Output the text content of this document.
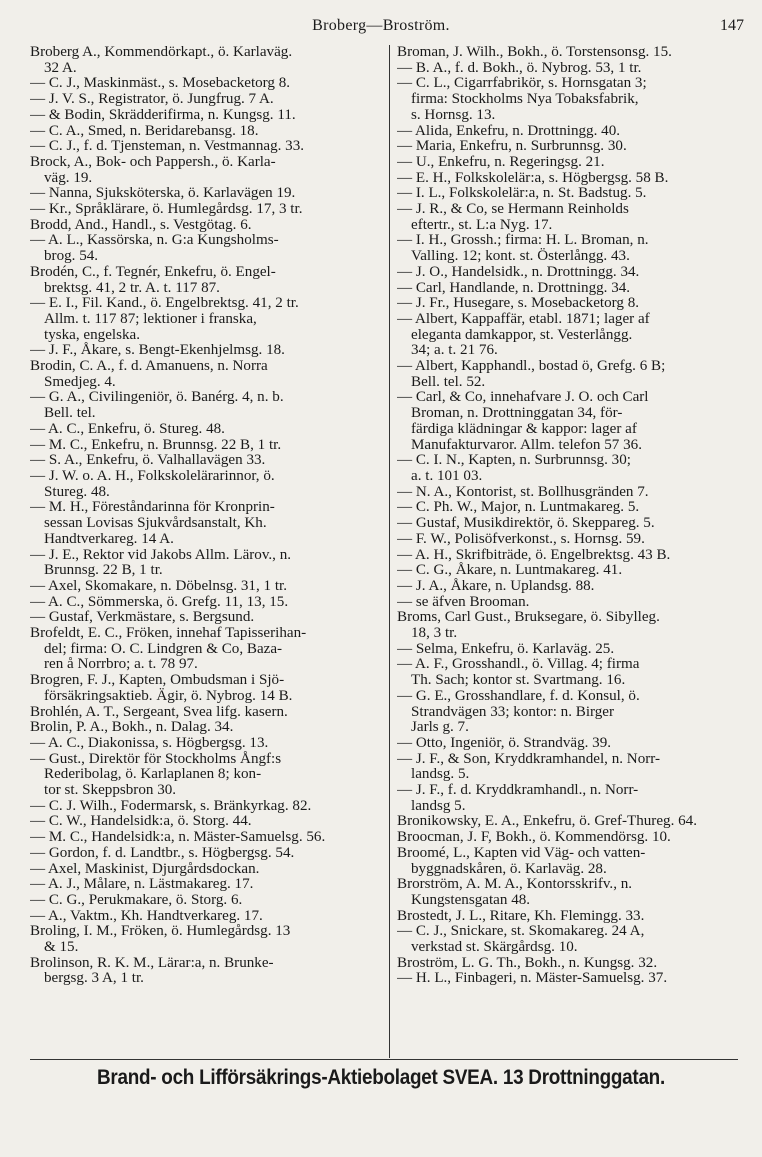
Broberg—Broström.	147
Broberg A., Kommendörkapt., ö. Karlaväg.
32 A.
— C. J., Maskinmäst., s. Mosebacketorg 8.
— J. V. S., Registrator, ö. Jungfrug. 7 A.
— & Bodin, Skrädderifirma, n. Kungsg. 11.
— C. A., Smed, n. Beridarebansg. 18.
— C. J., f. d. Tjensteman, n. Vestmannag. 33.
Brock, A., Bok- och Pappersh., ö. Karla-
väg. 19.
— Nanna, Sjuksköterska, ö. Karlavägen 19.
— Kr., Språklärare, ö. Humlegårdsg. 17, 3 tr.
Brodd, And., Handl., s. Vestgötag. 6.
— A. L., Kassörska, n. G:a Kungsholms-
brog. 54.
Brodén, C., f. Tegnér, Enkefru, ö. Engel-
brektsg. 41, 2 tr. A. t. 117 87.
— E. I., Fil. Kand., ö. Engelbrektsg. 41, 2 tr.
Allm. t. 117 87; lektioner i franska,
tyska, engelska.
— J. F., Åkare, s. Bengt-Ekenhjelmsg. 18.
Brodin, C. A., f. d. Amanuens, n. Norra
Smedjeg. 4.
— G. A., Civilingeniör, ö. Banérg. 4, n. b.
Bell. tel.
— A. C., Enkefru, ö. Stureg. 48.
— M. C., Enkefru, n. Brunnsg. 22 B, 1 tr.
— S. A., Enkefru, ö. Valhallavägen 33.
— J. W. o. A. H., Folkskolelärarinnor, ö.
Stureg. 48.
— M. H., Föreståndarinna för Kronprin-
sessan Lovisas Sjukvårdsanstalt, Kh.
Handtverkareg. 14 A.
— J. E., Rektor vid Jakobs Allm. Lärov., n.
Brunnsg. 22 B, 1 tr.
— Axel, Skomakare, n. Döbelnsg. 31, 1 tr.
— A. C., Sömmerska, ö. Grefg. 11, 13, 15.
— Gustaf, Verkmästare, s. Bergsund.
Brofeldt, E. C., Fröken, innehaf Tapisserihan-
del; firma: O. C. Lindgren & Co, Baza-
ren å Norrbro; a. t. 78 97.
Brogren, F. J., Kapten, Ombudsman i Sjö-
försäkringsaktieb. Ägir, ö. Nybrog. 14 B.
Brohlén, A. T., Sergeant, Svea lifg. kasern.
Brolin, P. A., Bokh., n. Dalag. 34.
— A. C., Diakonissa, s. Högbergsg. 13.
— Gust., Direktör för Stockholms Ångf:s
Rederibolag, ö. Karlaplanen 8; kon-
tor st. Skeppsbron 30.
— C. J. Wilh., Fodermarsk, s. Bränkyrkag. 82.
— C. W., Handelsidk:a, ö. Storg. 44.
— M. C., Handelsidk:a, n. Mäster-Samuelsg. 56.
— Gordon, f. d. Landtbr., s. Högbergsg. 54.
— Axel, Maskinist, Djurgårdsdockan.
— A. J., Målare, n. Lästmakareg. 17.
— C. G., Perukmakare, ö. Storg. 6.
— A., Vaktm., Kh. Handtverkareg. 17.
Broling, I. M., Fröken, ö. Humlegårdsg. 13
& 15.
Brolinson, R. K. M., Lärar:a, n. Brunke-
bergsg. 3 A, 1 tr.
Broman, J. Wilh., Bokh., ö. Torstensonsg. 15.
— B. A., f. d. Bokh., ö. Nybrog. 53, 1 tr.
— C. L., Cigarrfabrikör, s. Hornsgatan 3;
firma: Stockholms Nya Tobaksfabrik,
s. Hornsg. 13.
— Alida, Enkefru, n. Drottningg. 40.
— Maria, Enkefru, n. Surbrunnsg. 30.
— U., Enkefru, n. Regeringsg. 21.
— E. H., Folkskolelär:a, s. Högbergsg. 58 B.
— I. L., Folkskolelär:a, n. St. Badstug. 5.
— J. R., & Co, se Hermann Reinholds
eftertr., st. L:a Nyg. 17.
— I. H., Grossh.; firma: H. L. Broman, n.
Valling. 12; kont. st. Österlångg. 43.
— J. O., Handelsidk., n. Drottningg. 34.
— Carl, Handlande, n. Drottningg. 34.
— J. Fr., Husegare, s. Mosebacketorg 8.
— Albert, Kappaffär, etabl. 1871; lager af
eleganta damkappor, st. Vesterlångg.
34; a. t. 21 76.
— Albert, Kapphandl., bostad ö, Grefg. 6 B;
Bell. tel. 52.
— Carl, & Co, innehafvare J. O. och Carl
Broman, n. Drottninggatan 34, för-
färdiga klädningar & kappor: lager af
Manufakturvaror. Allm. telefon 57 36.
— C. I. N., Kapten, n. Surbrunnsg. 30;
a. t. 101 03.
— N. A., Kontorist, st. Bollhusgränden 7.
— C. Ph. W., Major, n. Luntmakareg. 5.
— Gustaf, Musikdirektör, ö. Skeppareg. 5.
— F. W., Polisöfverkonst., s. Hornsg. 59.
— A. H., Skrifbiträde, ö. Engelbrektsg. 43 B.
— C. G., Åkare, n. Luntmakareg. 41.
— J. A., Åkare, n. Uplandsg. 88.
— se äfven Brooman.
Broms, Carl Gust., Bruksegare, ö. Sibylleg.
18, 3 tr.
— Selma, Enkefru, ö. Karlaväg. 25.
— A. F., Grosshandl., ö. Villag. 4; firma
Th. Sach; kontor st. Svartmang. 16.
— G. E., Grosshandlare, f. d. Konsul, ö.
Strandvägen 33; kontor: n. Birger
Jarls g. 7.
— Otto, Ingeniör, ö. Strandväg. 39.
— J. F., & Son, Kryddkramhandel, n. Norr-
landsg. 5.
— J. F., f. d. Kryddkramhandl., n. Norr-
landsg 5.
Bronikowsky, E. A., Enkefru, ö. Gref-Thureg. 64.
Broocman, J. F, Bokh., ö. Kommendörsg. 10.
Broomé, L., Kapten vid Väg- och vatten-
byggnadskåren, ö. Karlaväg. 28.
Brorström, A. M. A., Kontorsskrifv., n.
Kungstensgatan 48.
Brostedt, J. L., Ritare, Kh. Flemingg. 33.
— C. J., Snickare, st. Skomakareg. 24 A,
verkstad st. Skärgårdsg. 10.
Broström, L. G. Th., Bokh., n. Kungsg. 32.
— H. L., Finbageri, n. Mäster-Samuelsg. 37.
Brand- och Lifförsäkrings-Aktiebolaget SVEA. 13 Drottninggatan.
